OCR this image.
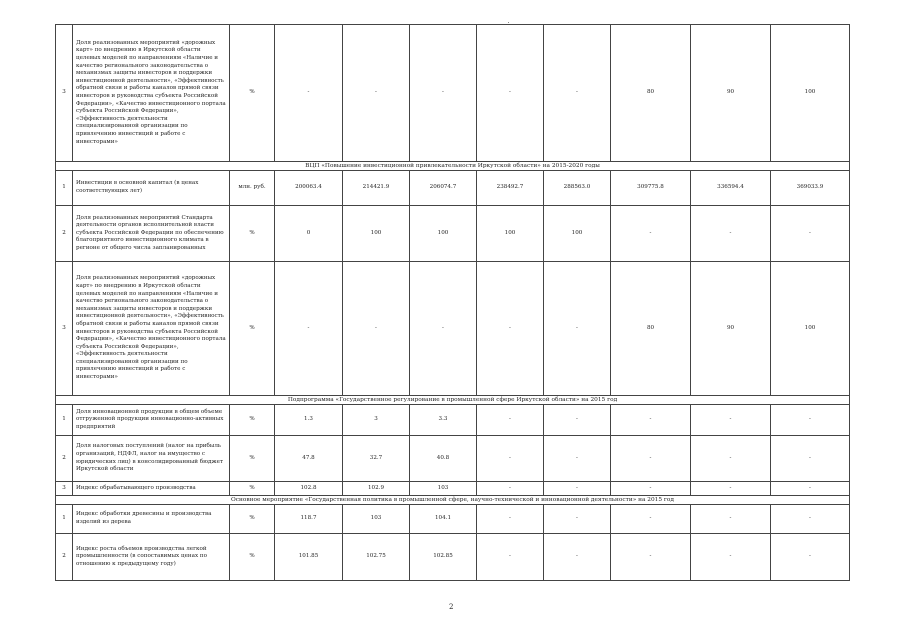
3	Доля реализованных мероприятий «дорожных карт» по внедрению в Иркутской области целевых моделей по направлениям «Наличие и качество регионального законодательства о механизмах защиты инвесторов и поддержки инвестиционной деятельности», «Эффективность обратной связи и работы каналов прямой связи инвесторов и руководства субъекта Российской Федерации», «Качество инвестиционного портала субъекта Российской Федерации», «Эффективность деятельности специализированной организации по привлечению инвестиций и работе с инвесторами»	%	-	-	-	-	-	80	90	100
ВЦП «Повышение инвестиционной привлекательности Иркутской области» на 2015-2020 годы										
1	Инвестиции в основной капитал (в ценах соответствующих лет)	млн. руб.	200063.4	214421.9	206074.7	238492.7	288563.0	309775.8	336594.4	369033.9
2	Доля реализованных мероприятий Стандарта деятельности органов исполнительной власти субъекта Российской Федерации по обеспечению благоприятного инвестиционного климата в регионе от общего числа запланированных	%	0	100	100	100	100	-	-	-
3	Доля реализованных мероприятий «дорожных карт» по внедрению в Иркутской области целевых моделей по направлениям «Наличие и качество регионального законодательства о механизмах защиты инвесторов и поддержки инвестиционной деятельности», «Эффективность обратной связи и работы каналов прямой связи инвесторов и руководства субъекта Российской Федерации», «Качество инвестиционного портала субъекта Российской Федерации», «Эффективность деятельности специализированной организации по привлечению инвестиций и работе с инвесторами»	%	-	-	-	-	-	80	90	100
Подпрограмма «Государственное регулирование в промышленной сфере Иркутской области» на 2015 год										
1	Доля инновационной продукции в общем объеме отгруженной продукции инновационно-активных предприятий	%	1.3	3	3.3	-	-	-	-	-
2	Доля налоговых поступлений (налог на прибыль организаций, НДФЛ, налог на имущество с юридических лиц) в консолидированный бюджет Иркутской области	%	47.8	32.7	40.8	-	-	-	-	-
3	Индекс обрабатывающего производства	%	102.8	102.9	103	-	-	-	-	-
Основное мероприятие «Государственная политика в промышленной сфере, научно-технической и инновационной деятельности» на 2015 год										
1	Индекс обработки древесины и производства изделий из дерева	%	118.7	103	104.1	-	-	-	-	-
2	Индекс роста объемов производства легкой промышленности (в сопоставимых ценах по отношению к предыдущему году)	%	101.85	102.75	102.85	-	-	-	-	-
2
